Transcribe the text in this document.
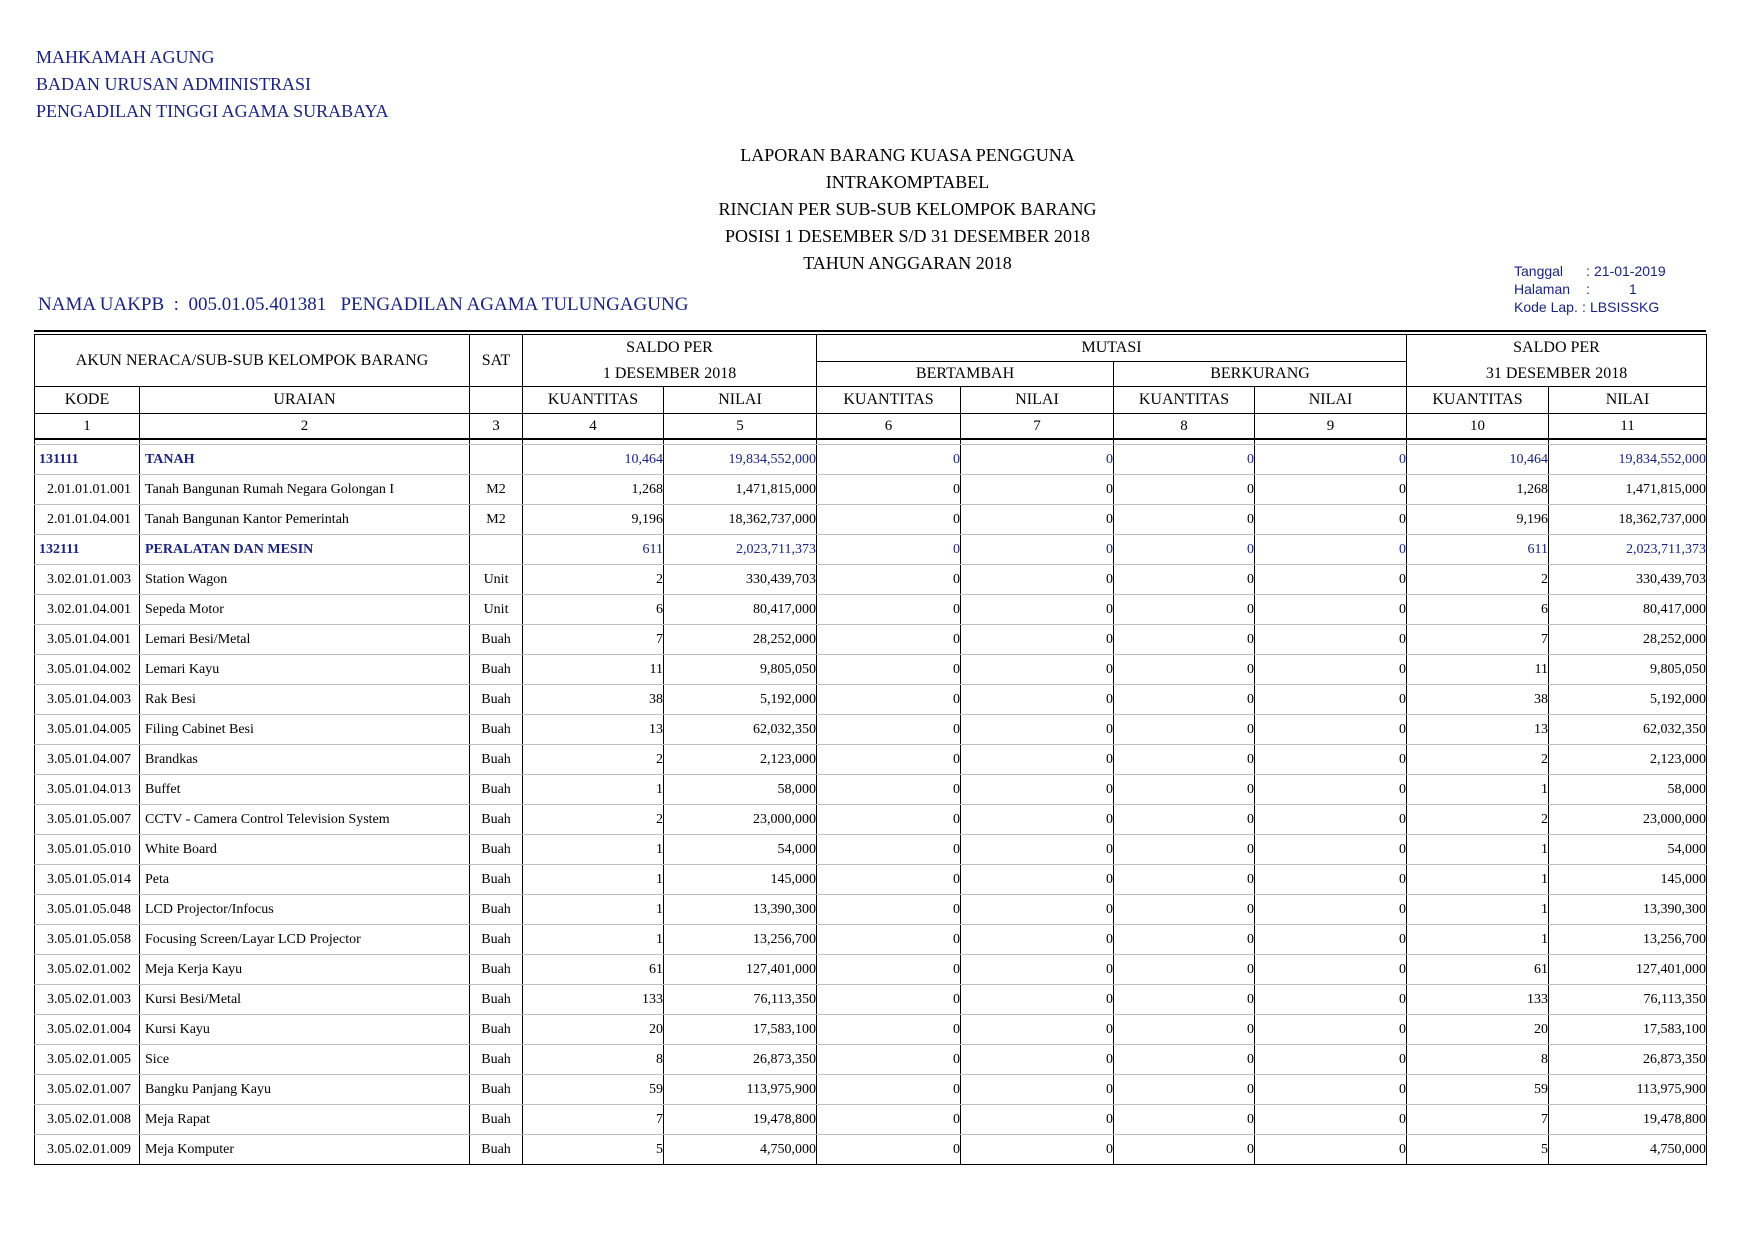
MAHKAMAH AGUNG
BADAN URUSAN ADMINISTRASI
PENGADILAN TINGGI AGAMA SURABAYA
LAPORAN BARANG KUASA PENGGUNA
INTRAKOMPTABEL
RINCIAN PER SUB-SUB KELOMPOK BARANG
POSISI 1 DESEMBER S/D 31 DESEMBER 2018
TAHUN ANGGARAN 2018
NAMA UAKPB  :  005.01.05.401381   PENGADILAN AGAMA TULUNGAGUNG
Tanggal : 21-01-2019
Halaman :	1
Kode Lap. : LBSISSKG
AKUN NERACA/SUB-SUB KELOMPOK BARANG		SAT	SALDO PER		MUTASI				SALDO PER	
			1 DESEMBER 2018		BERTAMBAH		BERKURANG		31 DESEMBER 2018	
KODE	URAIAN		KUANTITAS	NILAI	KUANTITAS	NILAI	KUANTITAS	NILAI	KUANTITAS	NILAI
1	2	3	4	5	6	7	8	9	10	11

131111	TANAH		10,464	19,834,552,000	0	0	0	0	10,464	19,834,552,000
2.01.01.01.001	Tanah Bangunan Rumah Negara Golongan I	M2	1,268	1,471,815,000	0	0	0	0	1,268	1,471,815,000
2.01.01.04.001	Tanah Bangunan Kantor Pemerintah	M2	9,196	18,362,737,000	0	0	0	0	9,196	18,362,737,000
132111	PERALATAN DAN MESIN		611	2,023,711,373	0	0	0	0	611	2,023,711,373
3.02.01.01.003	Station Wagon	Unit	2	330,439,703	0	0	0	0	2	330,439,703
3.02.01.04.001	Sepeda Motor	Unit	6	80,417,000	0	0	0	0	6	80,417,000
3.05.01.04.001	Lemari Besi/Metal	Buah	7	28,252,000	0	0	0	0	7	28,252,000
3.05.01.04.002	Lemari Kayu	Buah	11	9,805,050	0	0	0	0	11	9,805,050
3.05.01.04.003	Rak Besi	Buah	38	5,192,000	0	0	0	0	38	5,192,000
3.05.01.04.005	Filing Cabinet Besi	Buah	13	62,032,350	0	0	0	0	13	62,032,350
3.05.01.04.007	Brandkas	Buah	2	2,123,000	0	0	0	0	2	2,123,000
3.05.01.04.013	Buffet	Buah	1	58,000	0	0	0	0	1	58,000
3.05.01.05.007	CCTV - Camera Control Television System	Buah	2	23,000,000	0	0	0	0	2	23,000,000
3.05.01.05.010	White Board	Buah	1	54,000	0	0	0	0	1	54,000
3.05.01.05.014	Peta	Buah	1	145,000	0	0	0	0	1	145,000
3.05.01.05.048	LCD Projector/Infocus	Buah	1	13,390,300	0	0	0	0	1	13,390,300
3.05.01.05.058	Focusing Screen/Layar LCD Projector	Buah	1	13,256,700	0	0	0	0	1	13,256,700
3.05.02.01.002	Meja Kerja Kayu	Buah	61	127,401,000	0	0	0	0	61	127,401,000
3.05.02.01.003	Kursi Besi/Metal	Buah	133	76,113,350	0	0	0	0	133	76,113,350
3.05.02.01.004	Kursi Kayu	Buah	20	17,583,100	0	0	0	0	20	17,583,100
3.05.02.01.005	Sice	Buah	8	26,873,350	0	0	0	0	8	26,873,350
3.05.02.01.007	Bangku Panjang Kayu	Buah	59	113,975,900	0	0	0	0	59	113,975,900
3.05.02.01.008	Meja Rapat	Buah	7	19,478,800	0	0	0	0	7	19,478,800
3.05.02.01.009	Meja Komputer	Buah	5	4,750,000	0	0	0	0	5	4,750,000
